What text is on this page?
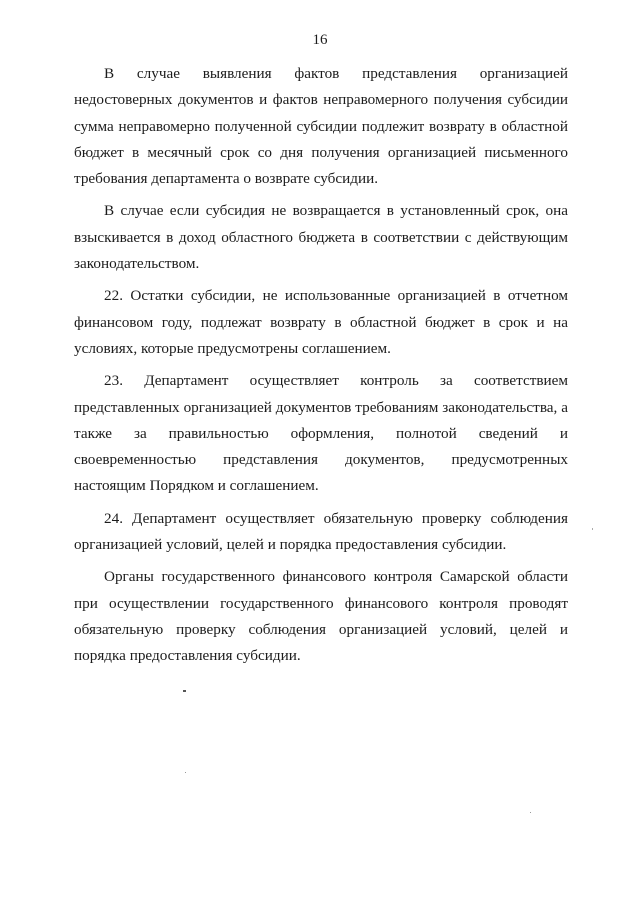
16

В случае выявления фактов представления организацией недостоверных документов и фактов неправомерного получения субсидии сумма неправомерно полученной субсидии подлежит возврату в областной бюджет в месячный срок со дня получения организацией письменного требования департамента о возврате субсидии.

В случае если субсидия не возвращается в установленный срок, она взыскивается в доход областного бюджета в соответствии с действующим законодательством.

22. Остатки субсидии, не использованные организацией в отчетном финансовом году, подлежат возврату в областной бюджет в срок и на условиях, которые предусмотрены соглашением.

23. Департамент осуществляет контроль за соответствием представленных организацией документов требованиям законодательства, а также за правильностью оформления, полнотой сведений и своевременностью представления документов, предусмотренных настоящим Порядком и соглашением.

24. Департамент осуществляет обязательную проверку соблюдения организацией условий, целей и порядка предоставления субсидии.

Органы государственного финансового контроля Самарской области при осуществлении государственного финансового контроля проводят обязательную проверку соблюдения организацией условий, целей и порядка предоставления субсидии.
